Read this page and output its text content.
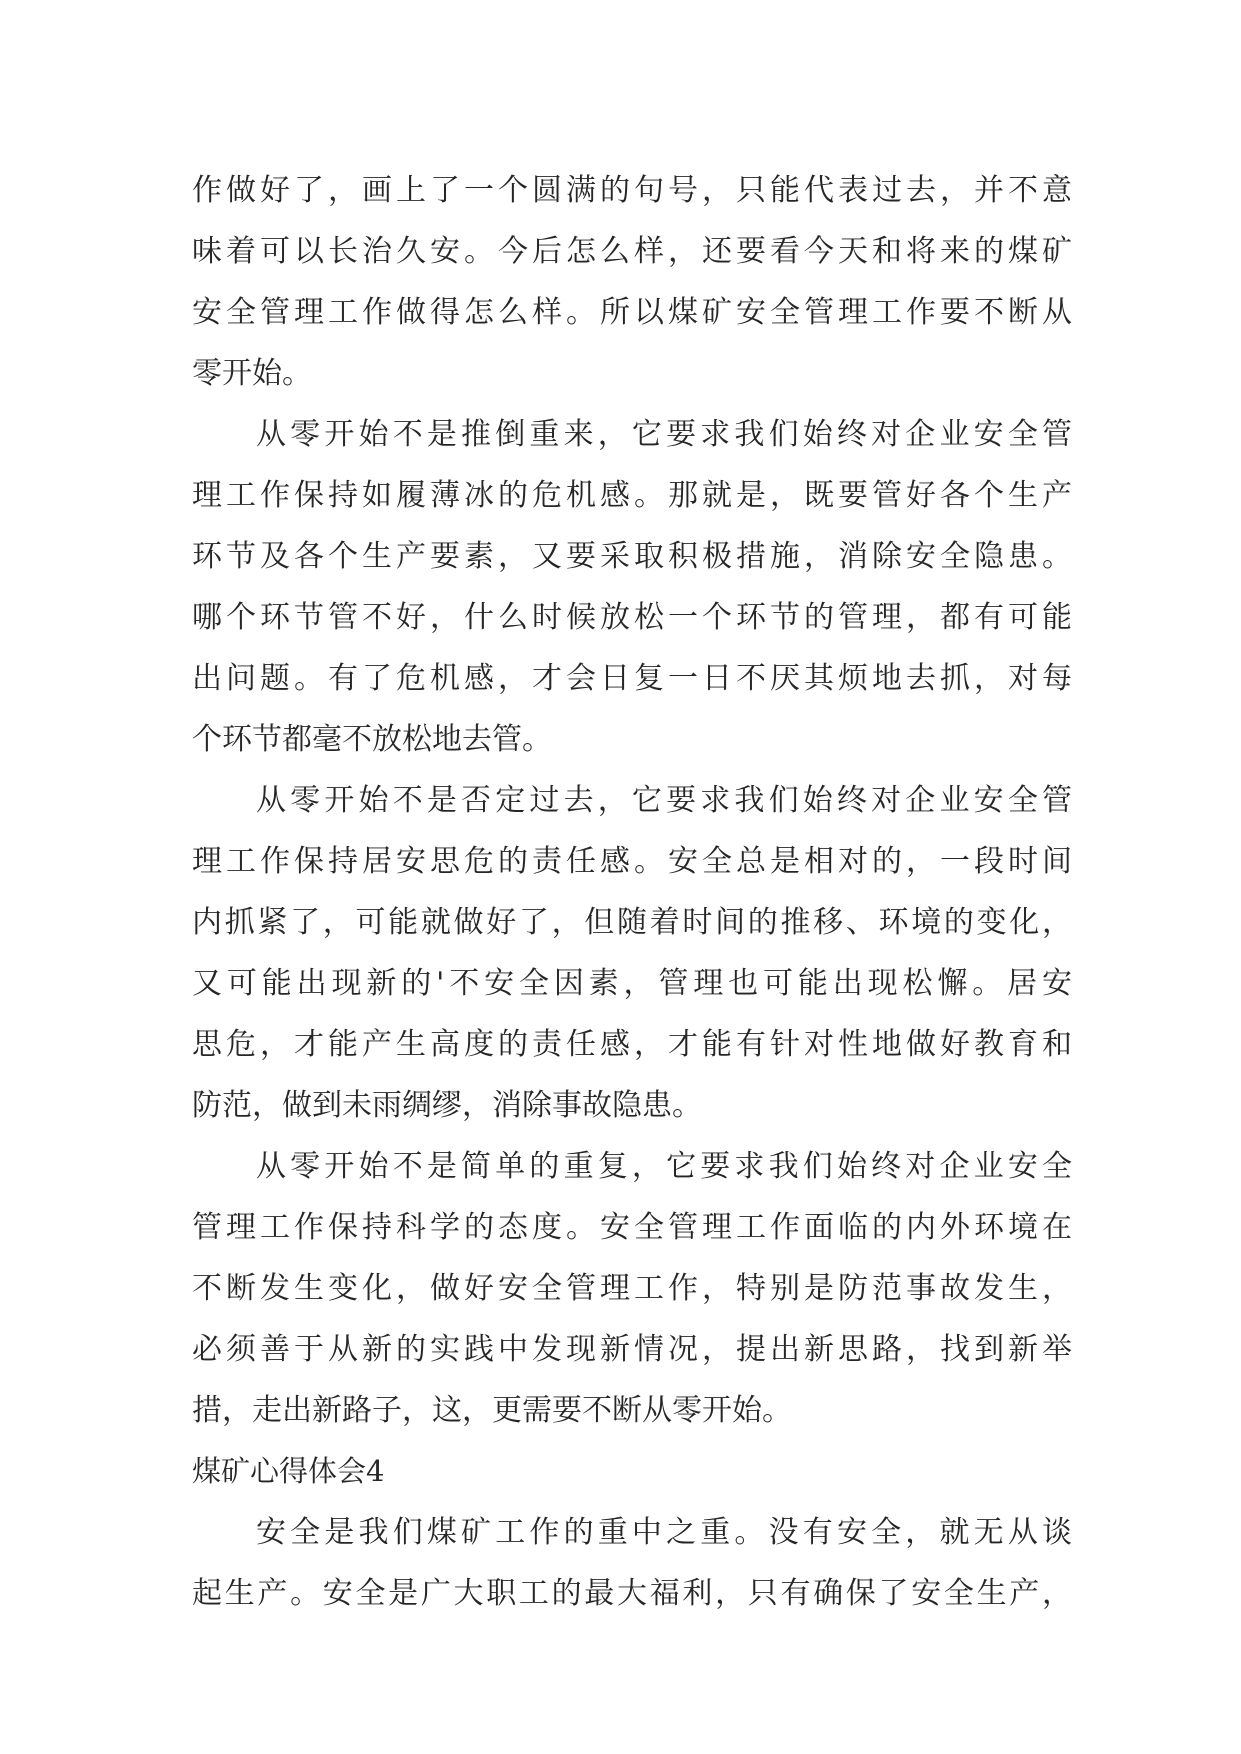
作做好了，画上了一个圆满的句号，只能代表过去，并不意
味着可以长治久安。今后怎么样，还要看今天和将来的煤矿
安全管理工作做得怎么样。所以煤矿安全管理工作要不断从
零开始。
从零开始不是推倒重来，它要求我们始终对企业安全管
理工作保持如履薄冰的危机感。那就是，既要管好各个生产
环节及各个生产要素，又要采取积极措施，消除安全隐患。
哪个环节管不好，什么时候放松一个环节的管理，都有可能
出问题。有了危机感，才会日复一日不厌其烦地去抓，对每
个环节都毫不放松地去管。
从零开始不是否定过去，它要求我们始终对企业安全管
理工作保持居安思危的责任感。安全总是相对的，一段时间
内抓紧了，可能就做好了，但随着时间的推移、环境的变化，
又可能出现新的'不安全因素，管理也可能出现松懈。居安
思危，才能产生高度的责任感，才能有针对性地做好教育和
防范，做到未雨绸缪，消除事故隐患。
从零开始不是简单的重复，它要求我们始终对企业安全
管理工作保持科学的态度。安全管理工作面临的内外环境在
不断发生变化，做好安全管理工作，特别是防范事故发生，
必须善于从新的实践中发现新情况，提出新思路，找到新举
措，走出新路子，这，更需要不断从零开始。
煤矿心得体会4
安全是我们煤矿工作的重中之重。没有安全，就无从谈
起生产。安全是广大职工的最大福利，只有确保了安全生产，
